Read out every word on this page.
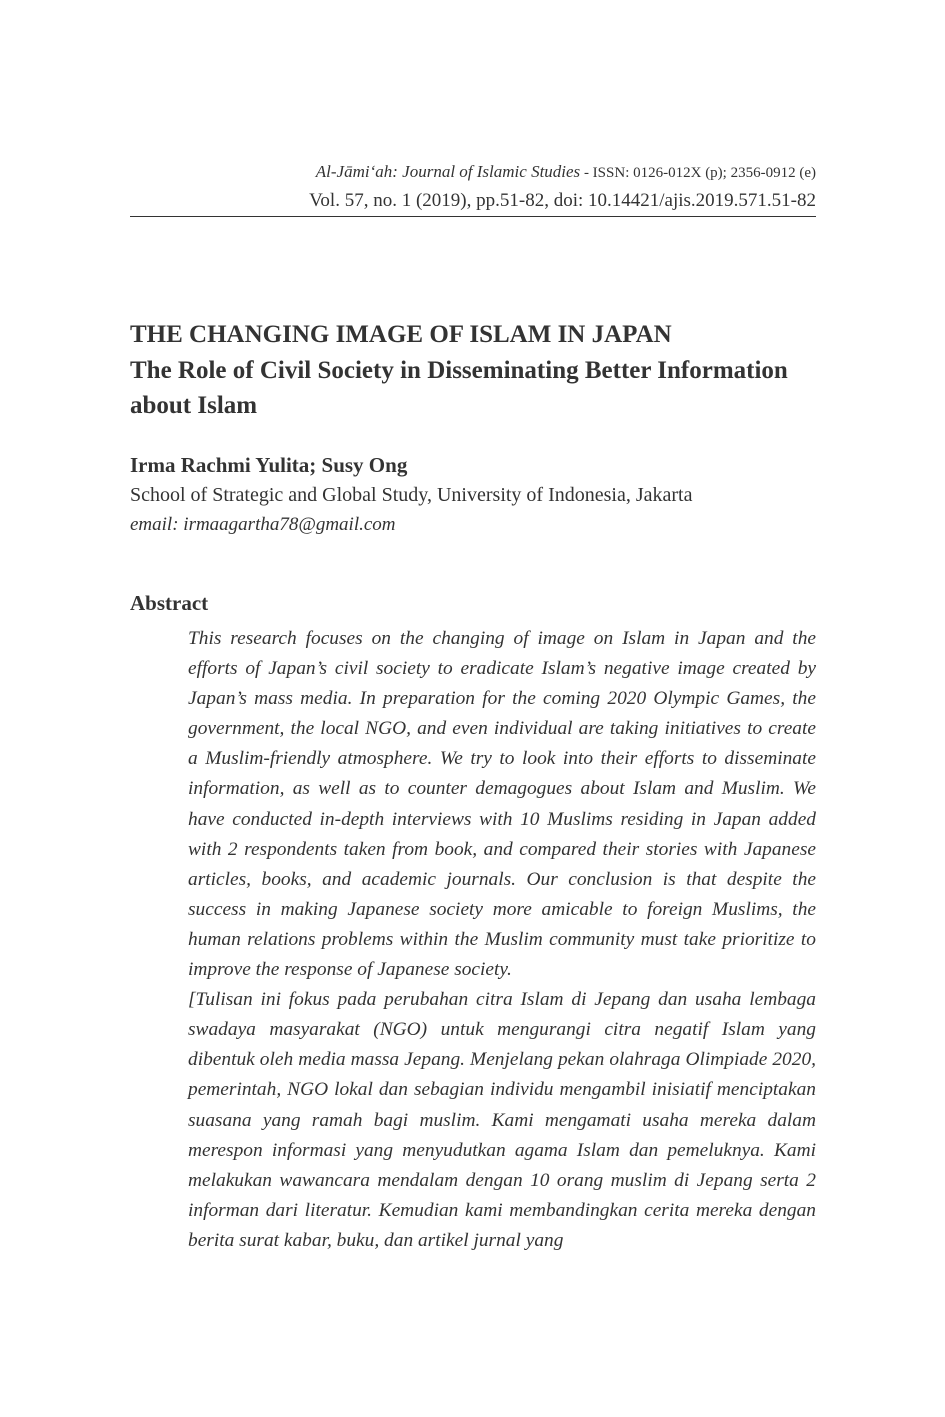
Al-Jāmi‘ah: Journal of Islamic Studies - ISSN: 0126-012X (p); 2356-0912 (e)
Vol. 57, no. 1 (2019), pp.51-82, doi: 10.14421/ajis.2019.571.51-82
THE CHANGING IMAGE OF ISLAM IN JAPAN
The Role of Civil Society in Disseminating Better Information about Islam
Irma Rachmi Yulita; Susy Ong
School of Strategic and Global Study, University of Indonesia, Jakarta
email: irmaagartha78@gmail.com
Abstract

This research focuses on the changing of image on Islam in Japan and the efforts of Japan’s civil society to eradicate Islam’s negative image created by Japan’s mass media. In preparation for the coming 2020 Olympic Games, the government, the local NGO, and even individual are taking initiatives to create a Muslim-friendly atmosphere. We try to look into their efforts to disseminate information, as well as to counter demagogues about Islam and Muslim. We have conducted in-depth interviews with 10 Muslims residing in Japan added with 2 respondents taken from book, and compared their stories with Japanese articles, books, and academic journals. Our conclusion is that despite the success in making Japanese society more amicable to foreign Muslims, the human relations problems within the Muslim community must take prioritize to improve the response of Japanese society.

[Tulisan ini fokus pada perubahan citra Islam di Jepang dan usaha lembaga swadaya masyarakat (NGO) untuk mengurangi citra negatif Islam yang dibentuk oleh media massa Jepang. Menjelang pekan olahraga Olimpiade 2020, pemerintah, NGO lokal dan sebagian individu mengambil inisiatif menciptakan suasana yang ramah bagi muslim. Kami mengamati usaha mereka dalam merespon informasi yang menyudutkan agama Islam dan pemeluknya. Kami melakukan wawancara mendalam dengan 10 orang muslim di Jepang serta 2 informan dari literatur. Kemudian kami membandingkan cerita mereka dengan berita surat kabar, buku, dan artikel jurnal yang
